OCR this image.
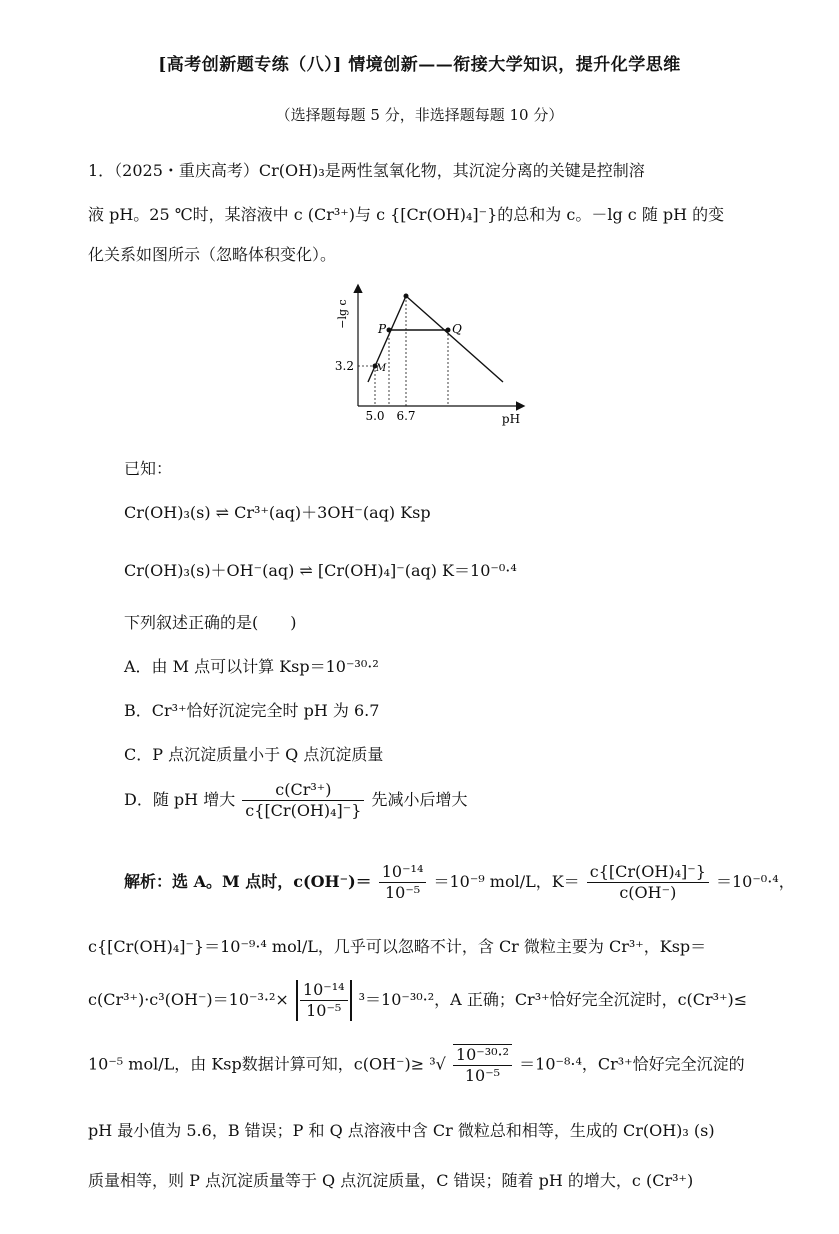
[高考创新题专练（八）] 情境创新——衔接大学知识，提升化学思维
（选择题每题 5 分，非选择题每题 10 分）
1．（2025・重庆高考）Cr(OH)₃是两性氢氧化物，其沉淀分离的关键是控制溶
液 pH。25 ℃时，某溶液中 c (Cr³⁺)与 c {[Cr(OH)₄]⁻}的总和为 c。－lg c 随 pH 的变
化关系如图所示（忽略体积变化）。
−lg c
pH
P	Q
M
3.2
5.0 6.7
已知：
Cr(OH)₃(s) ⇌ Cr³⁺(aq)＋3OH⁻(aq) Ksp
Cr(OH)₃(s)＋OH⁻(aq) ⇌ [Cr(OH)₄]⁻(aq) K＝10⁻⁰·⁴
下列叙述正确的是(　　)
A．由 M 点可以计算 Ksp＝10⁻³⁰·²
B．Cr³⁺恰好沉淀完全时 pH 为 6.7
C．P 点沉淀质量小于 Q 点沉淀质量
D．随 pH 增大 $\frac{\text{c(Cr³⁺)}}{\text{c\{[Cr(OH)₄]⁻\}}}$ 先减小后增大
解析：选 A。M 点时，$c(OH^-)= \frac{\text{10⁻¹⁴}}{\text{10⁻⁵}} =10^{-9}$ mol/L，$K= \frac{\text{c\{[Cr(OH)₄]⁻\}}}{c(OH^-)} =10^{-0}\cdot^4$，
c{[Cr(OH)₄]⁻}＝10⁻⁹·⁴ mol/L，几乎可以忽略不计，含 Cr 微粒主要为 Cr³⁺，Ksp＝
$c(Cr^{3+})\cdot c^3(OH^-)=10^{-3}\cdot^2\times \frac{\text{10⁻¹⁴}}{\text{10⁻⁵}} ^3=10^{-30}\cdot^2$，A 正确；Cr³⁺恰好完全沉淀时，c(Cr³⁺)≤
10⁻⁵ mol/L，由 Ksp数据计算可知，$c(OH^-)\ge ^3√ \frac{\text{10⁻³⁰·²}}{\text{10⁻⁵}} =10^{-8}\cdot^4$，Cr³⁺恰好完全沉淀的
pH 最小值为 5.6，B 错误；P 和 Q 点溶液中含 Cr 微粒总和相等，生成的 Cr(OH)₃ (s)
质量相等，则 P 点沉淀质量等于 Q 点沉淀质量，C 错误；随着 pH 的增大，c (Cr³⁺)
